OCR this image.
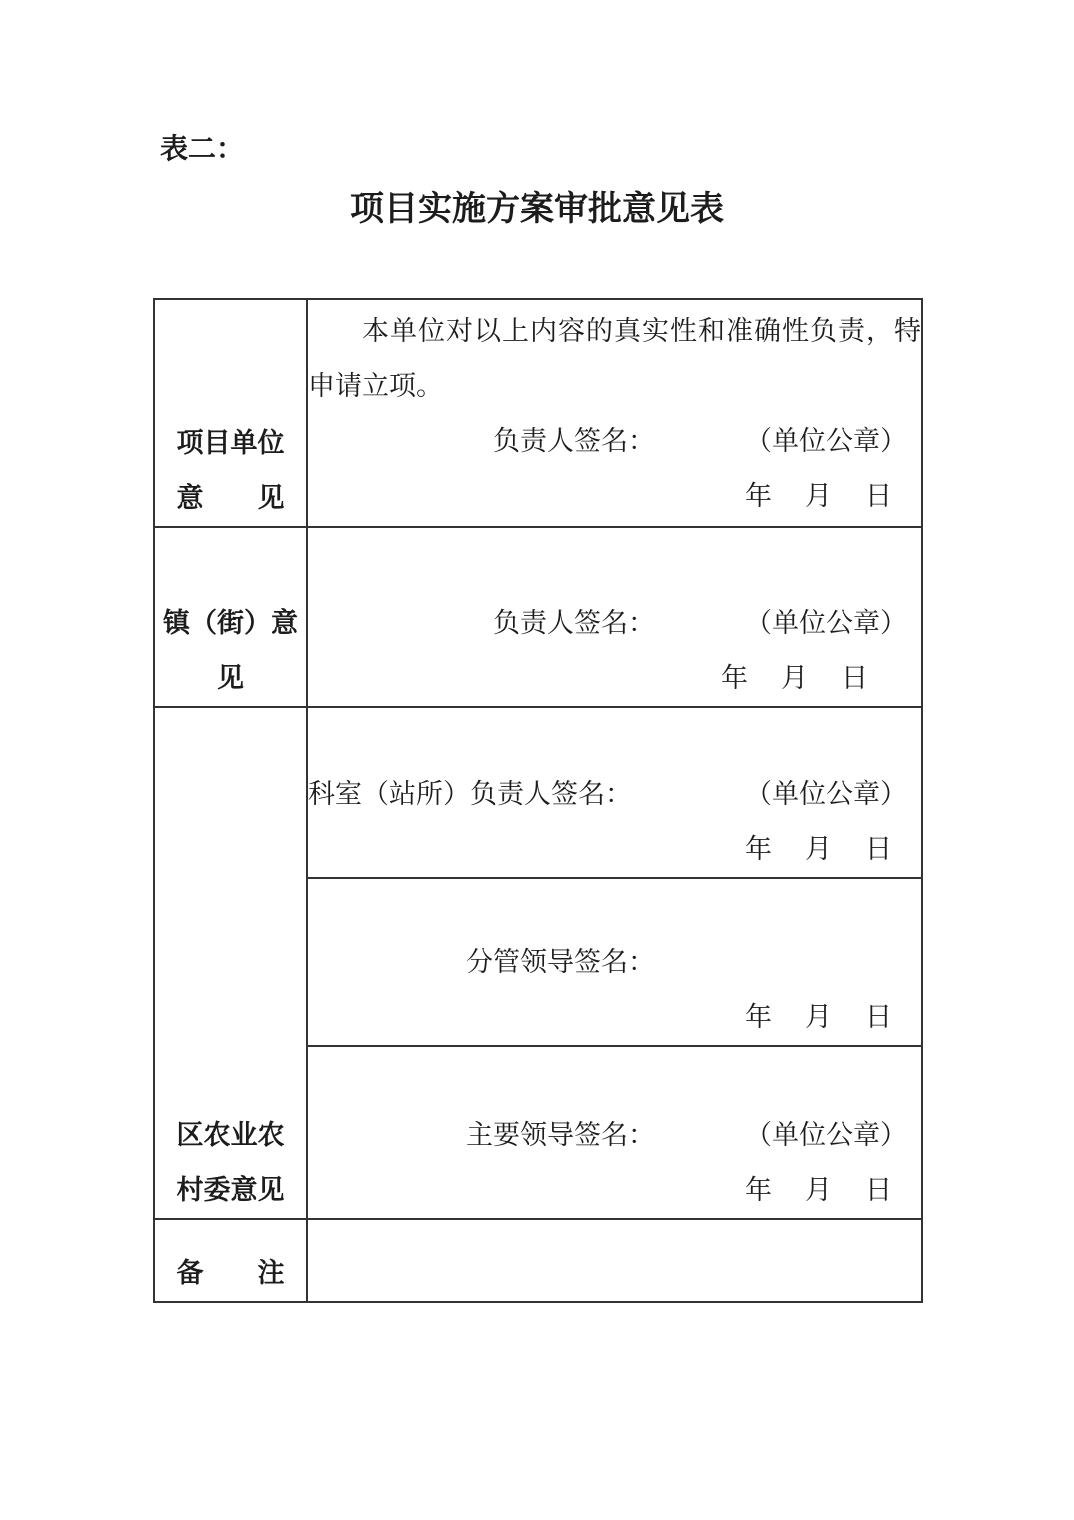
表二：
项目实施方案审批意见表
项目单位
意　　见

本单位对以上内容的真实性和准确性负责，特申请立项。
负责人签名：	（单位公章）
年　月　日

镇（街）意
见

负责人签名：	（单位公章）
年　月　日

区农业农
村委意见

科室（站所）负责人签名：	（单位公章）
年　月　日

	分管领导签名：
年　月　日

	主要领导签名： （单位公章）
年　月　日

备　　注	
